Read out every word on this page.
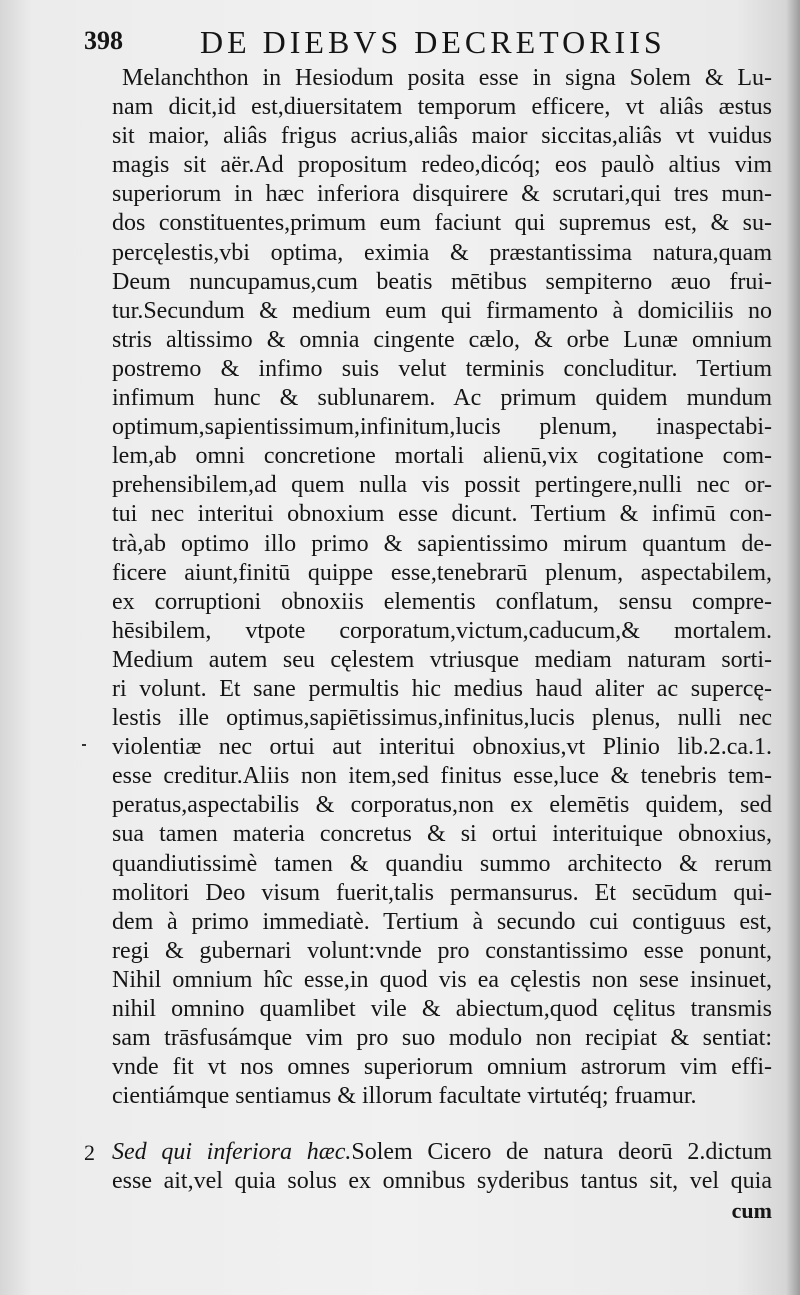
398 DE DIEBVS DECRETORIIS
Melanchthon in Hesiodum posita esse in signa Solem & Lu-
nam dicit,id est,diuersitatem temporum efficere, vt aliâs æstus
sit maior, aliâs frigus acrius,aliâs maior siccitas,aliâs vt vuidus
magis sit aër.Ad propositum redeo,dicóq; eos paulò altius vim
superiorum in hæc inferiora disquirere & scrutari,qui tres mun-
dos constituentes,primum eum faciunt qui supremus est, & su-
percęlestis,vbi optima, eximia & præstantissima natura,quam
Deum nuncupamus,cum beatis mētibus sempiterno æuo frui-
tur.Secundum & medium eum qui firmamento à domiciliis no
stris altissimo & omnia cingente cælo, & orbe Lunæ omnium
postremo & infimo suis velut terminis concluditur. Tertium
infimum hunc & sublunarem. Ac primum quidem mundum
optimum,sapientissimum,infinitum,lucis plenum, inaspectabi-
lem,ab omni concretione mortali alienū,vix cogitatione com-
prehensibilem,ad quem nulla vis possit pertingere,nulli nec or-
tui nec interitui obnoxium esse dicunt. Tertium & infimū con-
trà,ab optimo illo primo & sapientissimo mirum quantum de-
ficere aiunt,finitū quippe esse,tenebrarū plenum, aspectabilem,
ex corruptioni obnoxiis elementis conflatum, sensu compre-
hēsibilem, vtpote corporatum,victum,caducum,& mortalem.
Medium autem seu cęlestem vtriusque mediam naturam sorti-
ri volunt. Et sane permultis hic medius haud aliter ac supercę-
lestis ille optimus,sapiētissimus,infinitus,lucis plenus, nulli nec
violentiæ nec ortui aut interitui obnoxius,vt Plinio lib.2.ca.1.
esse creditur.Aliis non item,sed finitus esse,luce & tenebris tem-
peratus,aspectabilis & corporatus,non ex elemētis quidem, sed
sua tamen materia concretus & si ortui interituique obnoxius,
quandiutissimè tamen & quandiu summo architecto & rerum
molitori Deo visum fuerit,talis permansurus. Et secūdum qui-
dem à primo immediatè. Tertium à secundo cui contiguus est,
regi & gubernari volunt:vnde pro constantissimo esse ponunt,
Nihil omnium hîc esse,in quod vis ea cęlestis non sese insinuet,
nihil omnino quamlibet vile & abiectum,quod cęlitus transmis
sam trāsfusámque vim pro suo modulo non recipiat & sentiat:
vnde fit vt nos omnes superiorum omnium astrorum vim effi-
cientiámque sentiamus & illorum facultate virtutéq; fruamur.
2 Sed qui inferiora hæc.Solem Cicero de natura deorū 2.dictum
esse ait,vel quia solus ex omnibus syderibus tantus sit, vel quia
cum
